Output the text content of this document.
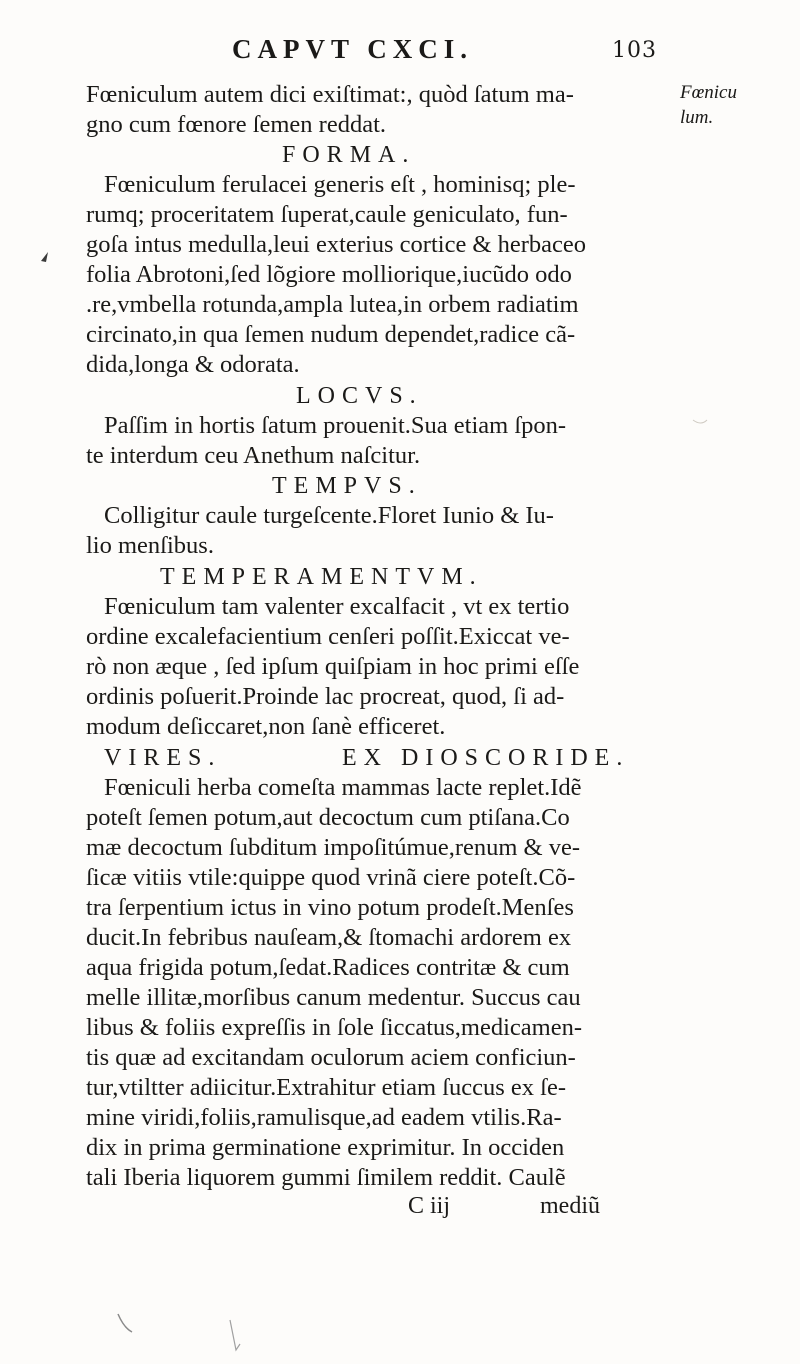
CAPVT CXCI.	103
Fœnicu
lum.
Fœniculum autem dici exiſtimat:, quòd ſatum ma-
gno cum fœnore ſemen reddat.
FORMA.
Fœniculum ferulacei generis eſt , hominisq; ple-
rumq; proceritatem ſuperat,caule geniculato, fun-
goſa intus medulla,leui exterius cortice & herbaceo
folia Abrotoni,ſed lõgiore molliorique,iucũdo odo
.re,vmbella rotunda,ampla lutea,in orbem radiatim
circinato,in qua ſemen nudum dependet,radice cã-
dida,longa & odorata.
LOCVS.
Paſſim in hortis ſatum prouenit.Sua etiam ſpon-
te interdum ceu Anethum naſcitur.
TEMPVS.
Colligitur caule turgeſcente.Floret Iunio & Iu-
lio menſibus.
TEMPERAMENTVM.
Fœniculum tam valenter excalfacit , vt ex tertio
ordine excalefacientium cenſeri poſſit.Exiccat ve-
rò non æque , ſed ipſum quiſpiam in hoc primi eſſe
ordinis poſuerit.Proinde lac procreat, quod, ſi ad-
modum deſiccaret,non ſanè efficeret.
VIRES.	EX DIOSCORIDE.
Fœniculi herba comeſta mammas lacte replet.Idẽ
poteſt ſemen potum,aut decoctum cum ptiſana.Co
mæ decoctum ſubditum impoſitúmue,renum & ve-
ſicæ vitiis vtile:quippe quod vrinã ciere poteſt.Cõ-
tra ſerpentium ictus in vino potum prodeſt.Menſes
ducit.In febribus nauſeam,& ſtomachi ardorem ex
aqua frigida potum,ſedat.Radices contritæ & cum
melle illitæ,morſibus canum medentur. Succus cau
libus & foliis expreſſis in ſole ſiccatus,medicamen-
tis quæ ad excitandam oculorum aciem conficiun-
tur,vtiltter adiicitur.Extrahitur etiam ſuccus ex ſe-
mine viridi,foliis,ramulisque,ad eadem vtilis.Ra-
dix in prima germinatione exprimitur. In occiden
tali Iberia liquorem gummi ſimilem reddit. Caulẽ
C iij	mediũ
